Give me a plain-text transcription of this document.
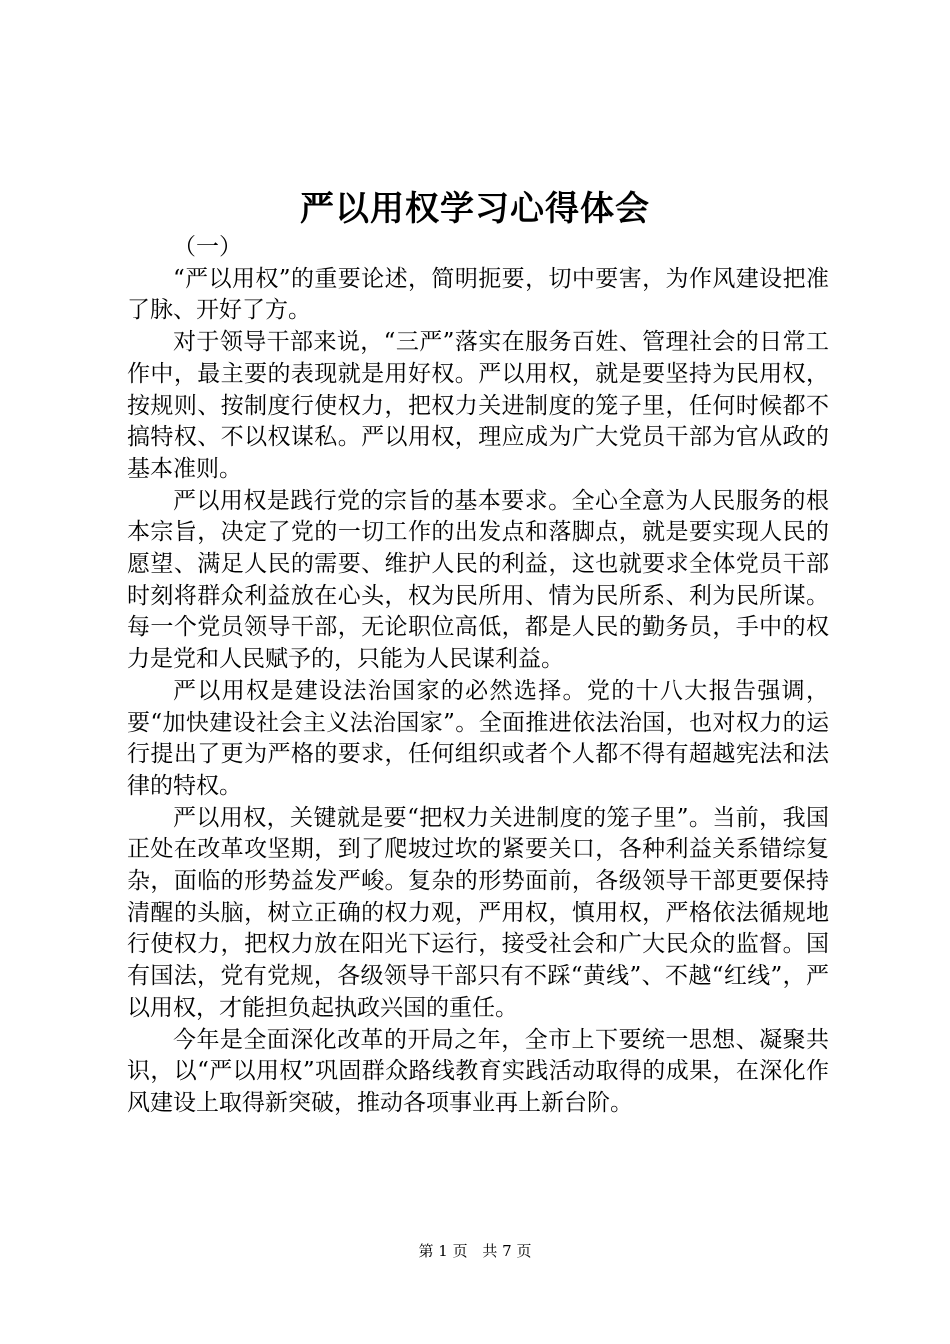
严以用权学习心得体会

（一）

“严以用权”的重要论述，简明扼要，切中要害，为作风建设把准了脉、开好了方。

对于领导干部来说，“三严”落实在服务百姓、管理社会的日常工作中，最主要的表现就是用好权。严以用权，就是要坚持为民用权，按规则、按制度行使权力，把权力关进制度的笼子里，任何时候都不搞特权、不以权谋私。严以用权，理应成为广大党员干部为官从政的基本准则。

严以用权是践行党的宗旨的基本要求。全心全意为人民服务的根本宗旨，决定了党的一切工作的出发点和落脚点，就是要实现人民的愿望、满足人民的需要、维护人民的利益，这也就要求全体党员干部时刻将群众利益放在心头，权为民所用、情为民所系、利为民所谋。每一个党员领导干部，无论职位高低，都是人民的勤务员，手中的权力是党和人民赋予的，只能为人民谋利益。

严以用权是建设法治国家的必然选择。党的十八大报告强调，要“加快建设社会主义法治国家”。全面推进依法治国，也对权力的运行提出了更为严格的要求，任何组织或者个人都不得有超越宪法和法律的特权。

严以用权，关键就是要“把权力关进制度的笼子里”。当前，我国正处在改革攻坚期，到了爬坡过坎的紧要关口，各种利益关系错综复杂，面临的形势益发严峻。复杂的形势面前，各级领导干部更要保持清醒的头脑，树立正确的权力观，严用权，慎用权，严格依法循规地行使权力，把权力放在阳光下运行，接受社会和广大民众的监督。国有国法，党有党规，各级领导干部只有不踩“黄线”、不越“红线”，严以用权，才能担负起执政兴国的重任。

今年是全面深化改革的开局之年，全市上下要统一思想、凝聚共识，以“严以用权”巩固群众路线教育实践活动取得的成果，在深化作风建设上取得新突破，推动各项事业再上新台阶。

第 1 页 共 7 页
